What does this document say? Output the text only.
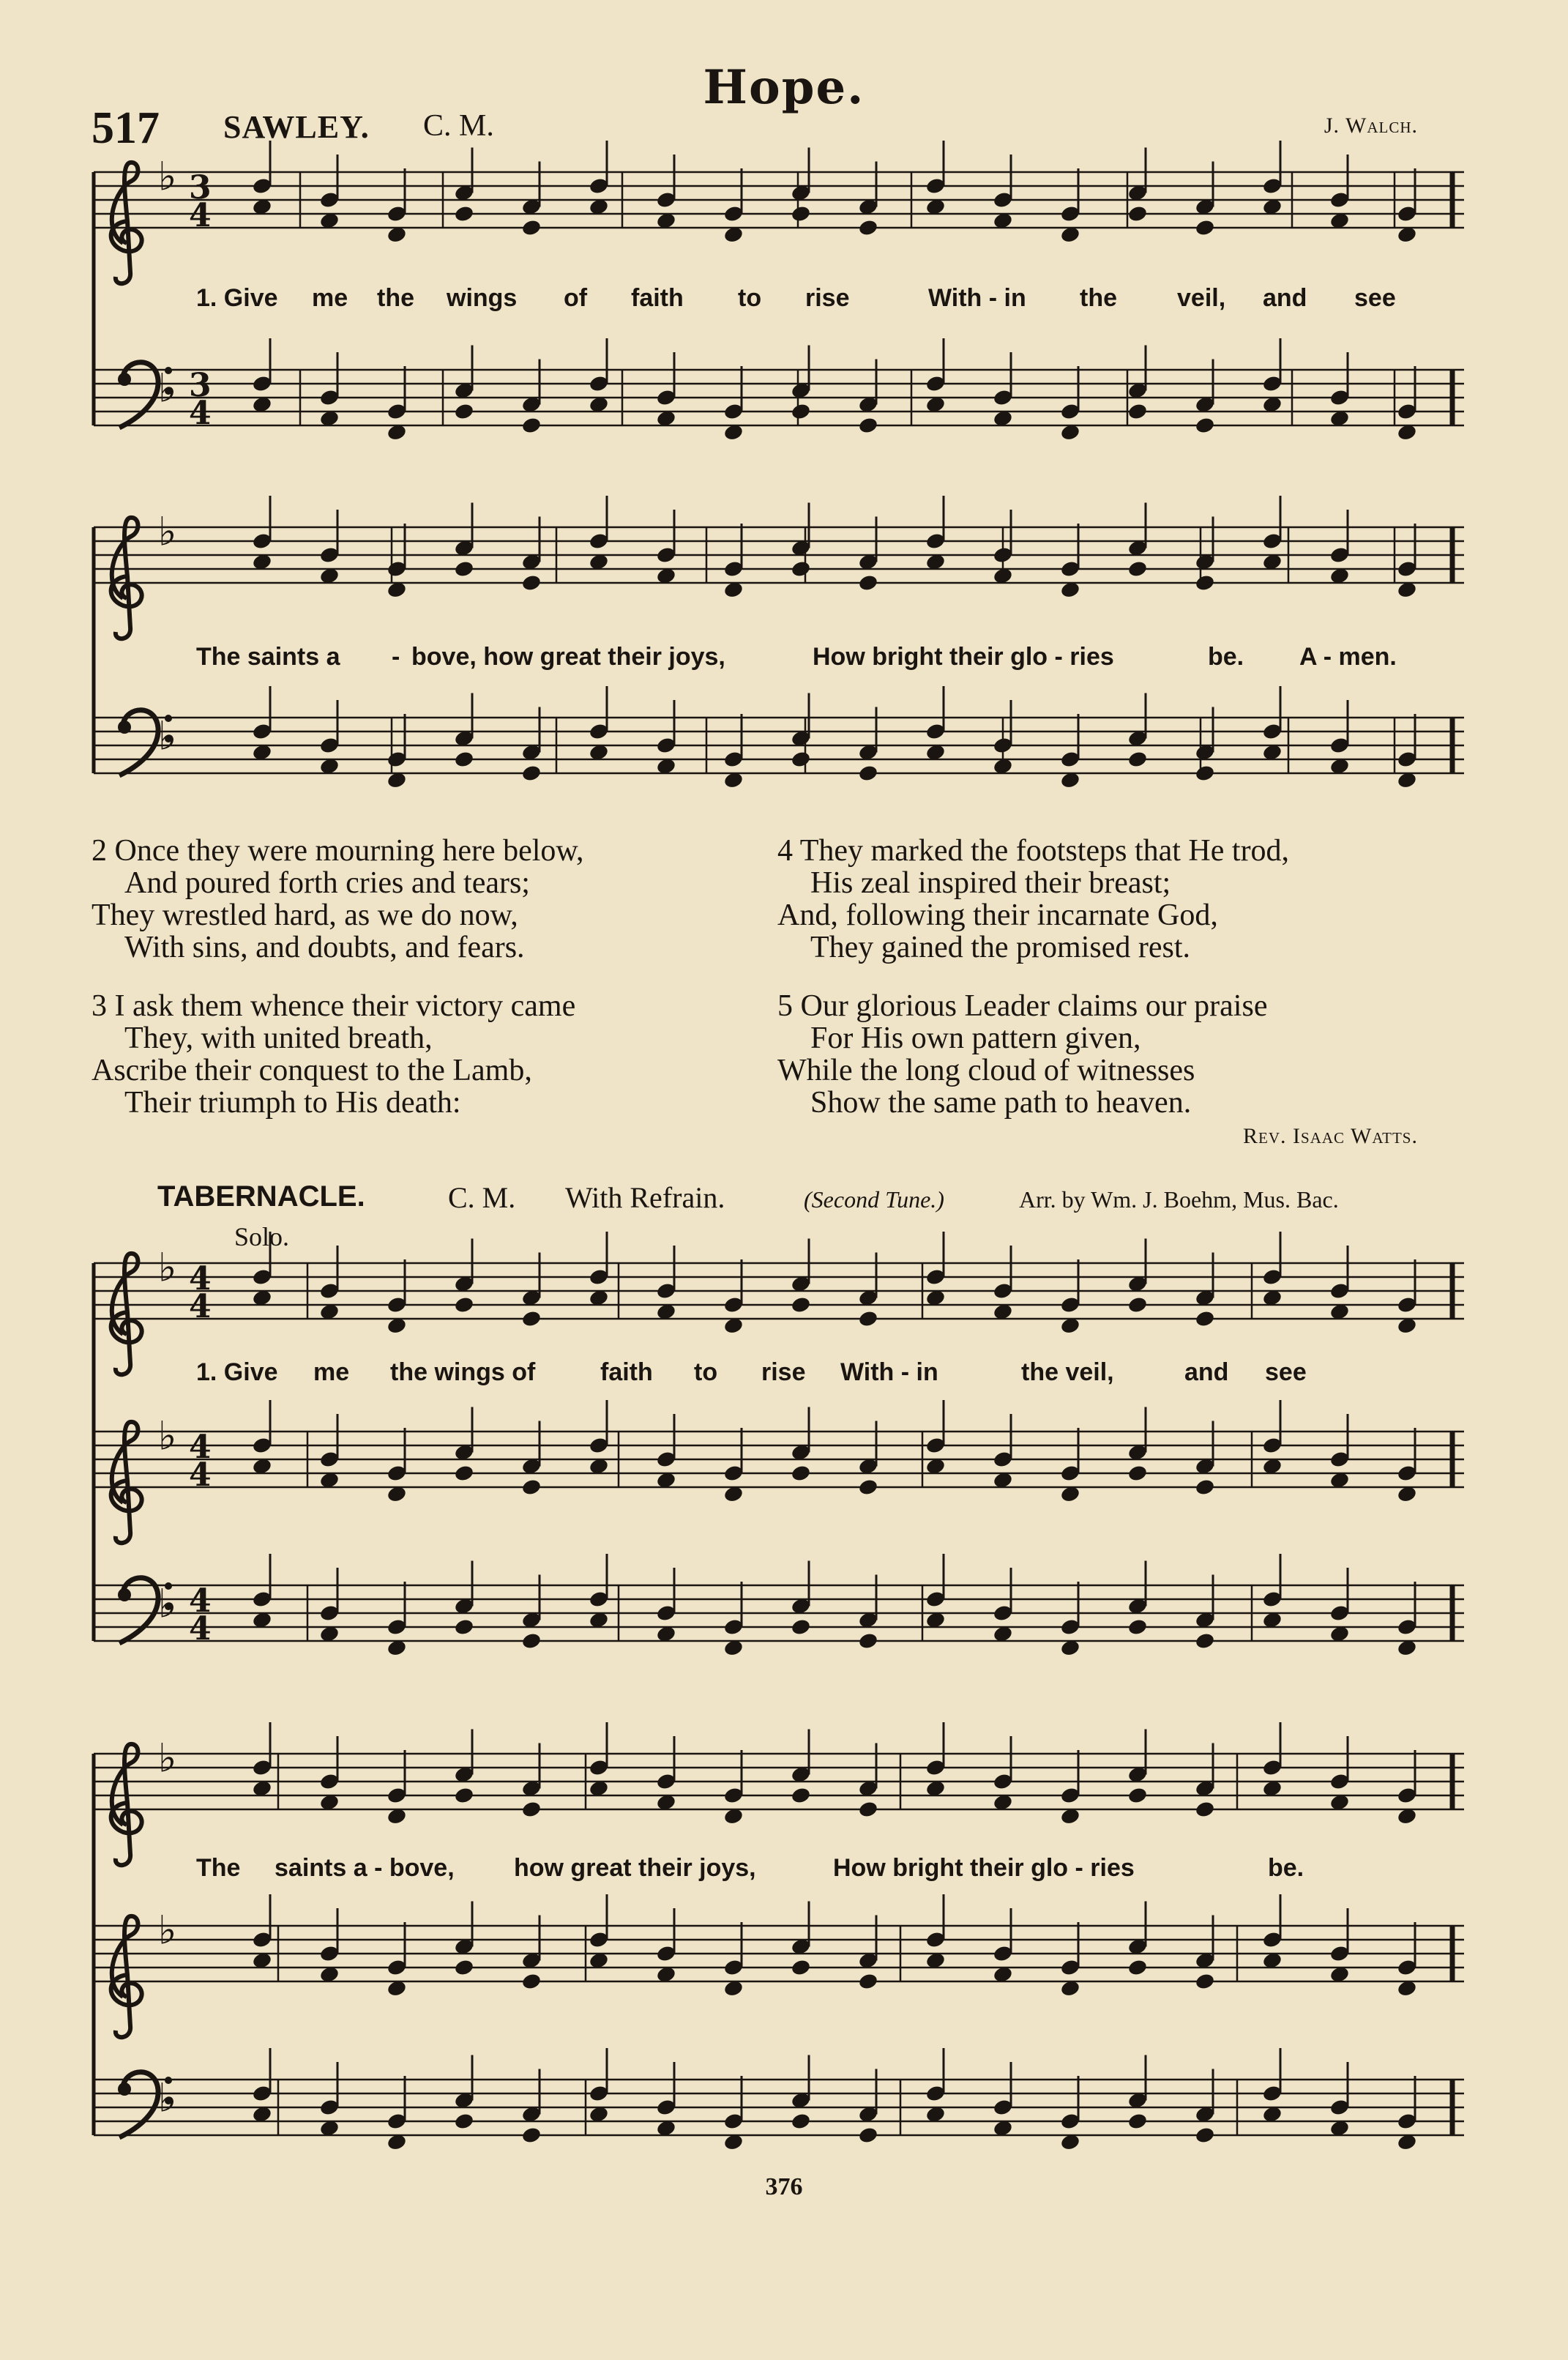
Hope.
517 SAWLEY. C. M.	J. Walch.
♭ 3
4
♭ 3
4
♭
♭
♭ 4
4
♭ 4
4
♭ 4
4
♭
♭
♭
1. Give me the wings of faith to rise	With - in the veil, and see
The saints a - bove, how great their joys,	How bright their glo - ries	be. A - men.
2 Once they were mourning here below,
And poured forth cries and tears;
They wrestled hard, as we do now,
With sins, and doubts, and fears.
3 I ask them whence their victory came
They, with united breath,
Ascribe their conquest to the Lamb,
Their triumph to His death:
4 They marked the footsteps that He trod,
His zeal inspired their breast;
And, following their incarnate God,
They gained the promised rest.
5 Our glorious Leader claims our praise
For His own pattern given,
While the long cloud of witnesses
Show the same path to heaven.
Rev. Isaac Watts.
TABERNACLE.	C. M. With Refrain.	(Second Tune.)	Arr. by Wm. J. Boehm, Mus. Bac.
Solo.
1. Give me the wings of	faith to rise With - in	the veil,	and see
The saints a - bove, how great their joys,	How bright their glo - ries	be.
376
